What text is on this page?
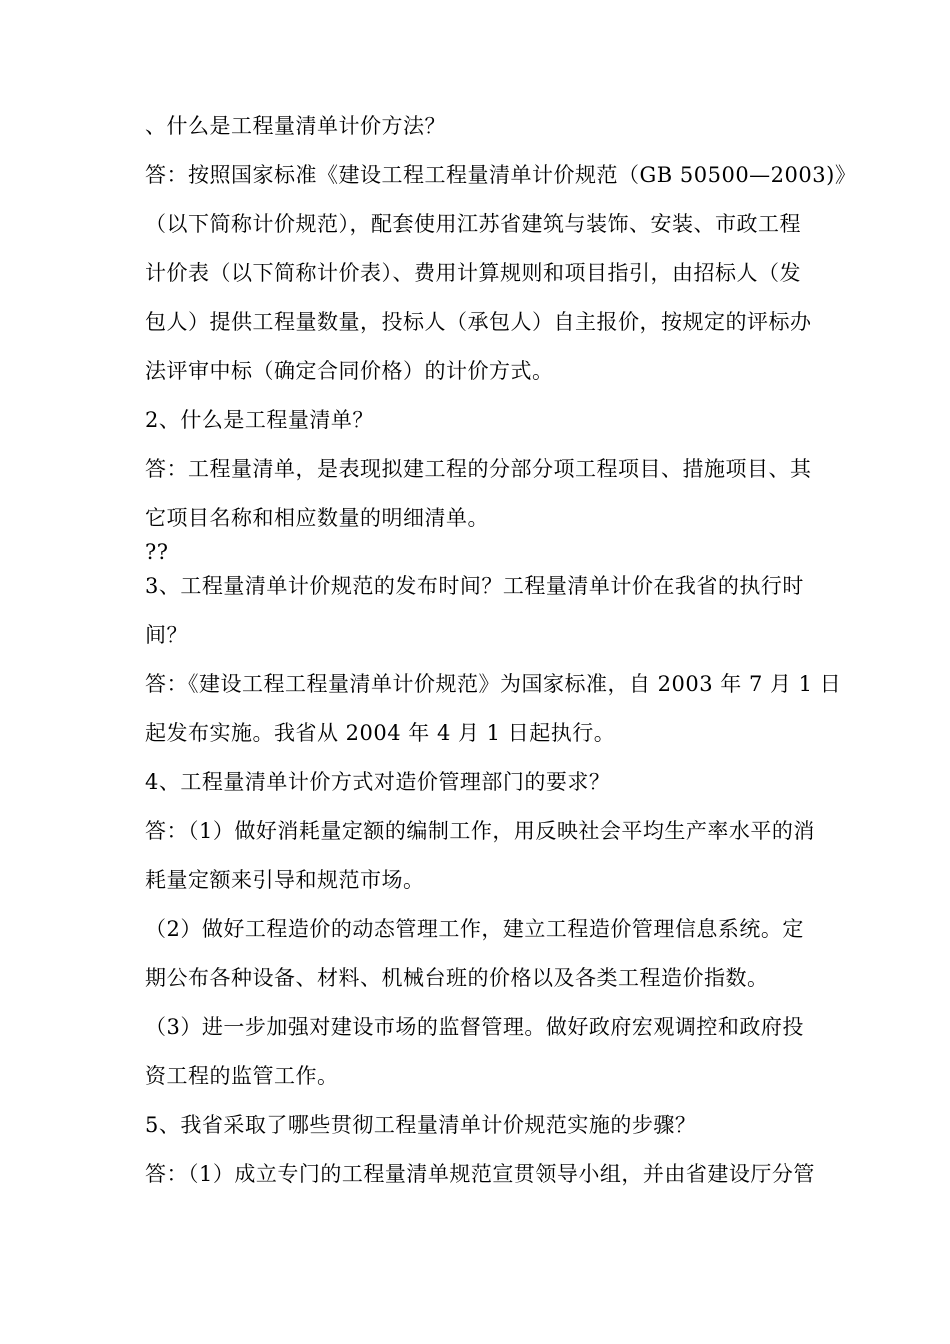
、什么是工程量清单计价方法？
答：按照国家标准《建设工程工程量清单计价规范（GB 50500—2003)》
（以下简称计价规范），配套使用江苏省建筑与装饰、安装、市政工程
计价表（以下简称计价表）、费用计算规则和项目指引，由招标人（发
包人）提供工程量数量，投标人（承包人）自主报价，按规定的评标办
法评审中标（确定合同价格）的计价方式。
2、什么是工程量清单？
答：工程量清单，是表现拟建工程的分部分项工程项目、措施项目、其
它项目名称和相应数量的明细清单。
??
3、工程量清单计价规范的发布时间？工程量清单计价在我省的执行时
间？
答：《建设工程工程量清单计价规范》为国家标准，自 2003 年 7 月 1 日
起发布实施。我省从 2004 年 4 月 1 日起执行。
4、工程量清单计价方式对造价管理部门的要求？
答：（1）做好消耗量定额的编制工作，用反映社会平均生产率水平的消
耗量定额来引导和规范市场。
（2）做好工程造价的动态管理工作，建立工程造价管理信息系统。定
期公布各种设备、材料、机械台班的价格以及各类工程造价指数。
（3）进一步加强对建设市场的监督管理。做好政府宏观调控和政府投
资工程的监管工作。
5、我省采取了哪些贯彻工程量清单计价规范实施的步骤？
答：（1）成立专门的工程量清单规范宣贯领导小组，并由省建设厅分管
